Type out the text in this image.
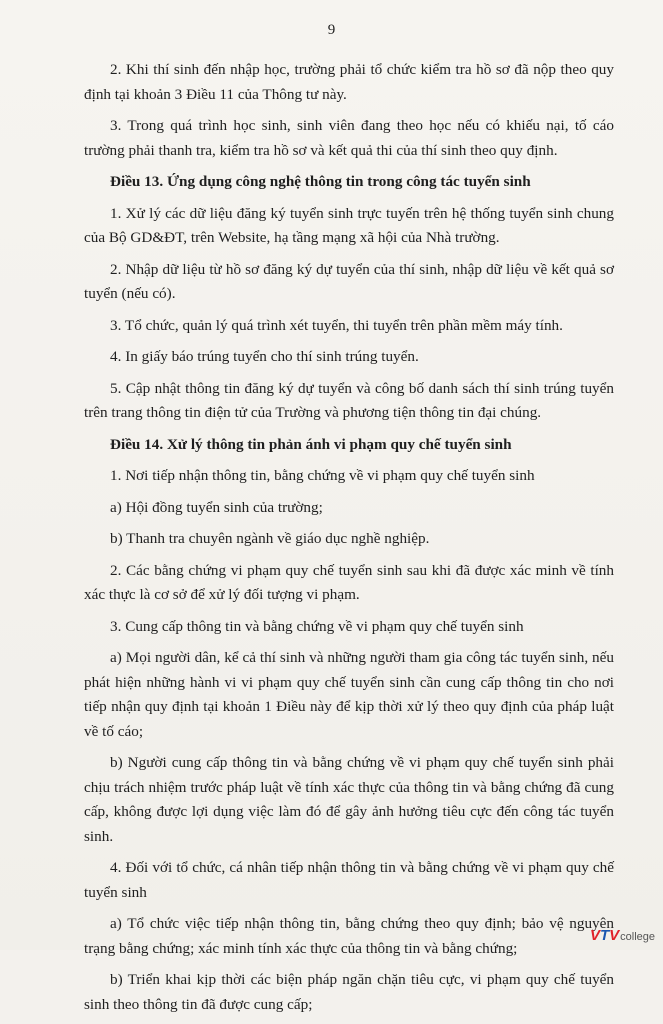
9

2. Khi thí sinh đến nhập học, trường phải tổ chức kiểm tra hồ sơ đã nộp theo quy định tại khoản 3 Điều 11 của Thông tư này.

3. Trong quá trình học sinh, sinh viên đang theo học nếu có khiếu nại, tố cáo trường phải thanh tra, kiểm tra hồ sơ và kết quả thi của thí sinh theo quy định.

Điều 13. Ứng dụng công nghệ thông tin trong công tác tuyển sinh

1. Xử lý các dữ liệu đăng ký tuyển sinh trực tuyến trên hệ thống tuyển sinh chung của Bộ GD&ĐT, trên Website, hạ tầng mạng xã hội của Nhà trường.

2. Nhập dữ liệu từ hồ sơ đăng ký dự tuyển của thí sinh, nhập dữ liệu về kết quả sơ tuyển (nếu có).

3. Tổ chức, quản lý quá trình xét tuyển, thi tuyển trên phần mềm máy tính.

4. In giấy báo trúng tuyển cho thí sinh trúng tuyển.

5. Cập nhật thông tin đăng ký dự tuyển và công bố danh sách thí sinh trúng tuyển trên trang thông tin điện tử của Trường và phương tiện thông tin đại chúng.

Điều 14. Xử lý thông tin phản ánh vi phạm quy chế tuyển sinh

1. Nơi tiếp nhận thông tin, bằng chứng về vi phạm quy chế tuyển sinh

a) Hội đồng tuyển sinh của trường;

b) Thanh tra chuyên ngành về giáo dục nghề nghiệp.

2. Các bằng chứng vi phạm quy chế tuyển sinh sau khi đã được xác minh về tính xác thực là cơ sở để xử lý đối tượng vi phạm.

3. Cung cấp thông tin và bằng chứng về vi phạm quy chế tuyển sinh

a) Mọi người dân, kể cả thí sinh và những người tham gia công tác tuyển sinh, nếu phát hiện những hành vi vi phạm quy chế tuyển sinh cần cung cấp thông tin cho nơi tiếp nhận quy định tại khoản 1 Điều này để kịp thời xử lý theo quy định của pháp luật về tố cáo;

b) Người cung cấp thông tin và bằng chứng về vi phạm quy chế tuyển sinh phải chịu trách nhiệm trước pháp luật về tính xác thực của thông tin và bằng chứng đã cung cấp, không được lợi dụng việc làm đó để gây ảnh hưởng tiêu cực đến công tác tuyển sinh.

4. Đối với tổ chức, cá nhân tiếp nhận thông tin và bằng chứng về vi phạm quy chế tuyển sinh

a) Tổ chức việc tiếp nhận thông tin, bằng chứng theo quy định; bảo vệ nguyên trạng bằng chứng; xác minh tính xác thực của thông tin và bằng chứng;

b) Triển khai kịp thời các biện pháp ngăn chặn tiêu cực, vi phạm quy chế tuyển sinh theo thông tin đã được cung cấp;

V T V college
